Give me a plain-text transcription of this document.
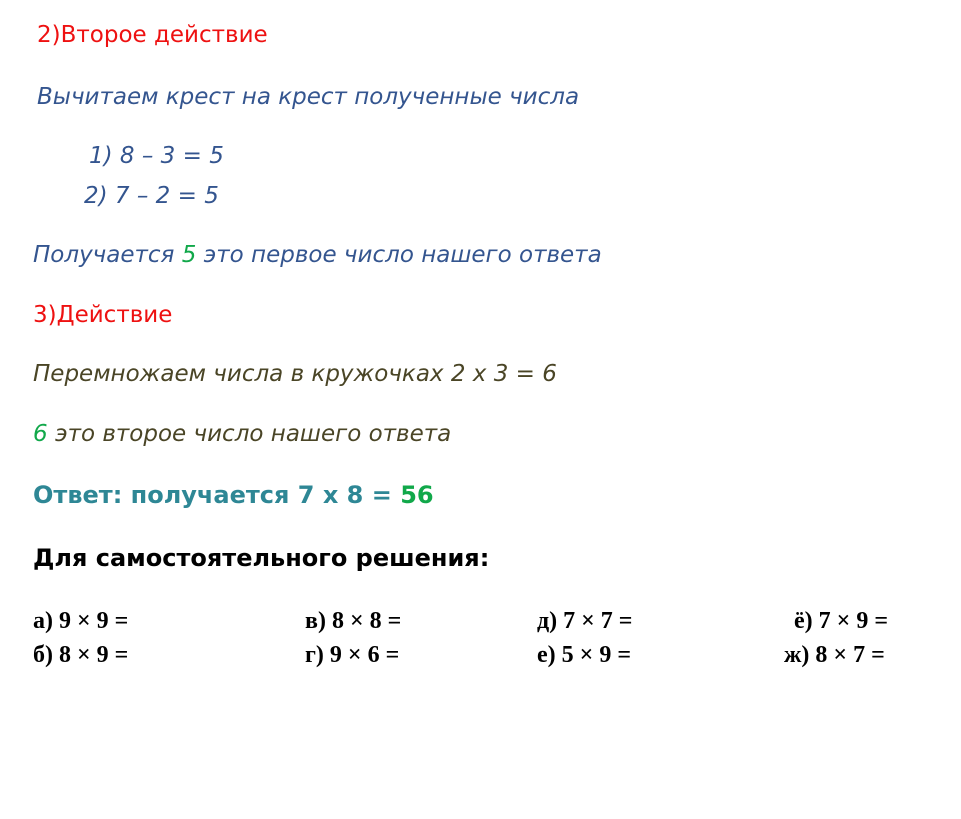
2)Второе действие
Вычитаем крест на крест полученные числа
1) 8 – 3 = 5
2) 7 – 2 = 5
Получается 5 это первое число нашего ответа
3)Действие
Перемножаем числа в кружочках 2 x 3 = 6
6 это второе число нашего ответа
Ответ: получается 7 x 8 = 56
Для самостоятельного решения:
а) 9 × 9 =
б) 8 × 9 =
в) 8 × 8 =
г) 9 × 6 =
д) 7 × 7 =
е) 5 × 9 =
ё) 7 × 9 =
ж) 8 × 7 =
